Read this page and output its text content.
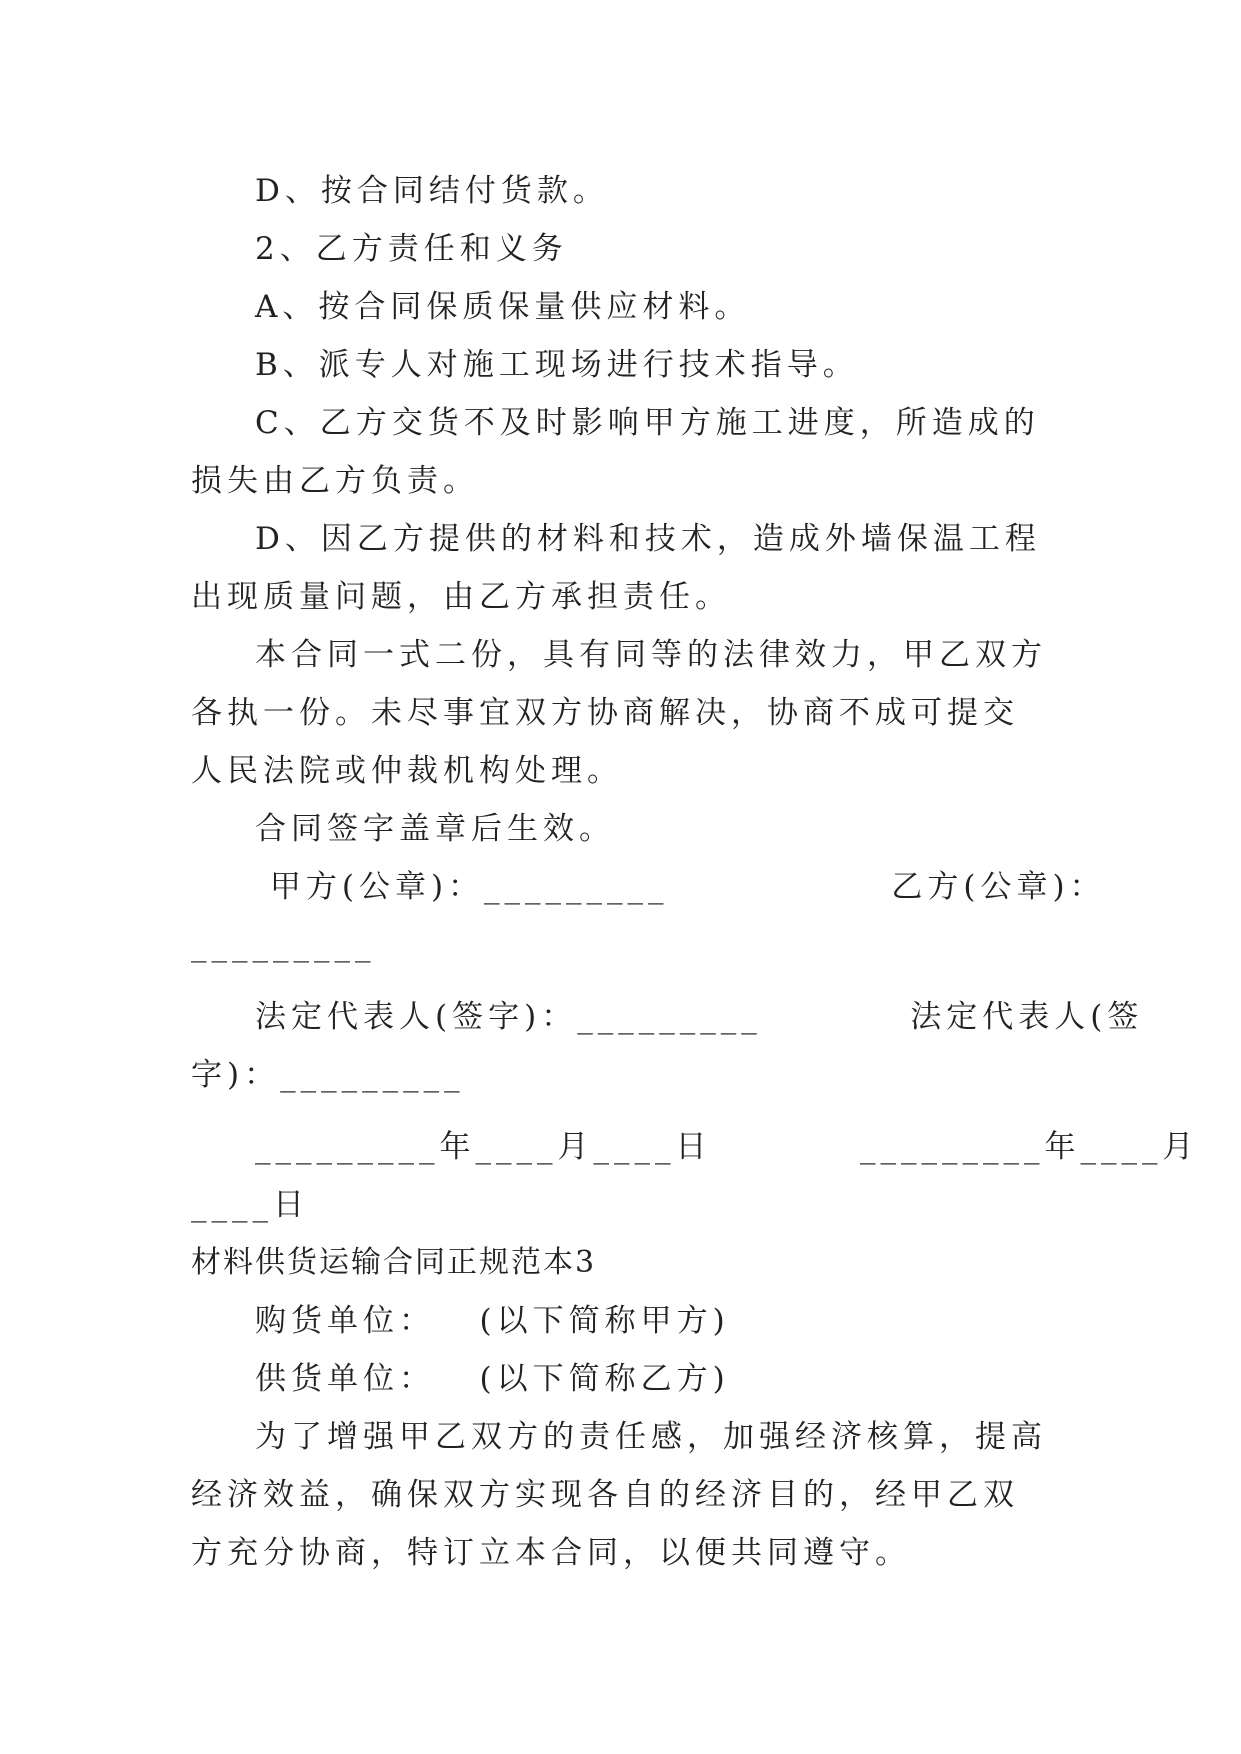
D、按合同结付货款。

2、乙方责任和义务

A、按合同保质保量供应材料。

B、派专人对施工现场进行技术指导。

C、乙方交货不及时影响甲方施工进度，所造成的损失由乙方负责。

D、因乙方提供的材料和技术，造成外墙保温工程出现质量问题，由乙方承担责任。

本合同一式二份，具有同等的法律效力，甲乙双方各执一份。未尽事宜双方协商解决，协商不成可提交人民法院或仲裁机构处理。

合同签字盖章后生效。

甲方(公章)：_________               乙方(公章)：

_________

法定代表人(签字)：_________          法定代表人(签

字)：_________

_________年____月____日          _________年____月

____日

材料供货运输合同正规范本3

购货单位：   (以下简称甲方)

供货单位：   (以下简称乙方)

为了增强甲乙双方的责任感，加强经济核算，提高经济效益，确保双方实现各自的经济目的，经甲乙双方充分协商，特订立本合同，以便共同遵守。
